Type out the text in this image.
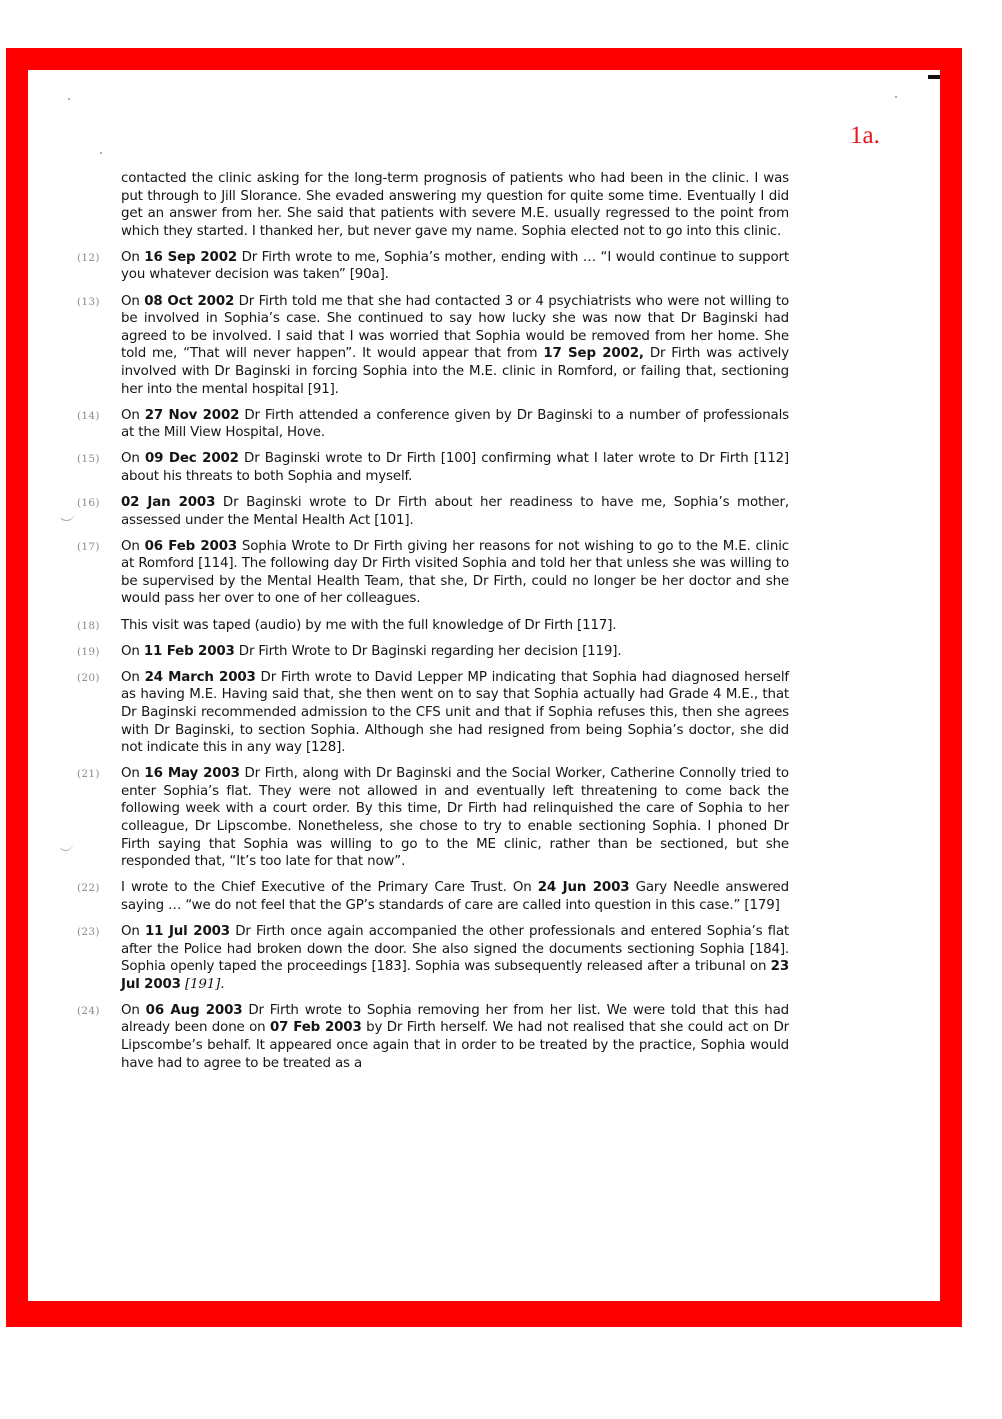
1a.
contacted the clinic asking for the long-term prognosis of patients who had been in the clinic. I was put through to Jill Slorance. She evaded answering my question for quite some time. Eventually I did get an answer from her. She said that patients with severe M.E. usually regressed to the point from which they started. I thanked her, but never gave my name. Sophia elected not to go into this clinic.
(12) On 16 Sep 2002 Dr Firth wrote to me, Sophia’s mother, ending with … “I would continue to support you whatever decision was taken” [90a].
(13) On 08 Oct 2002 Dr Firth told me that she had contacted 3 or 4 psychiatrists who were not willing to be involved in Sophia’s case. She continued to say how lucky she was now that Dr Baginski had agreed to be involved. I said that I was worried that Sophia would be removed from her home. She told me, “That will never happen”. It would appear that from 17 Sep 2002, Dr Firth was actively involved with Dr Baginski in forcing Sophia into the M.E. clinic in Romford, or failing that, sectioning her into the mental hospital [91].
(14) On 27 Nov 2002 Dr Firth attended a conference given by Dr Baginski to a number of professionals at the Mill View Hospital, Hove.
(15) On 09 Dec 2002 Dr Baginski wrote to Dr Firth [100] confirming what I later wrote to Dr Firth [112] about his threats to both Sophia and myself.
(16) 02 Jan 2003 Dr Baginski wrote to Dr Firth about her readiness to have me, Sophia’s mother, assessed under the Mental Health Act [101].
(17) On 06 Feb 2003 Sophia Wrote to Dr Firth giving her reasons for not wishing to go to the M.E. clinic at Romford [114]. The following day Dr Firth visited Sophia and told her that unless she was willing to be supervised by the Mental Health Team, that she, Dr Firth, could no longer be her doctor and she would pass her over to one of her colleagues.
(18) This visit was taped (audio) by me with the full knowledge of Dr Firth [117].
(19) On 11 Feb 2003 Dr Firth Wrote to Dr Baginski regarding her decision [119].
(20) On 24 March 2003 Dr Firth wrote to David Lepper MP indicating that Sophia had diagnosed herself as having M.E. Having said that, she then went on to say that Sophia actually had Grade 4 M.E., that Dr Baginski recommended admission to the CFS unit and that if Sophia refuses this, then she agrees with Dr Baginski, to section Sophia. Although she had resigned from being Sophia’s doctor, she did not indicate this in any way [128].
(21) On 16 May 2003 Dr Firth, along with Dr Baginski and the Social Worker, Catherine Connolly tried to enter Sophia’s flat. They were not allowed in and eventually left threatening to come back the following week with a court order. By this time, Dr Firth had relinquished the care of Sophia to her colleague, Dr Lipscombe. Nonetheless, she chose to try to enable sectioning Sophia. I phoned Dr Firth saying that Sophia was willing to go to the ME clinic, rather than be sectioned, but she responded that, “It’s too late for that now”.
(22) I wrote to the Chief Executive of the Primary Care Trust. On 24 Jun 2003 Gary Needle answered saying … “we do not feel that the GP’s standards of care are called into question in this case.” [179]
(23) On 11 Jul 2003 Dr Firth once again accompanied the other professionals and entered Sophia’s flat after the Police had broken down the door. She also signed the documents sectioning Sophia [184]. Sophia openly taped the proceedings [183]. Sophia was subsequently released after a tribunal on 23 Jul 2003 [191].
(24) On 06 Aug 2003 Dr Firth wrote to Sophia removing her from her list. We were told that this had already been done on 07 Feb 2003 by Dr Firth herself. We had not realised that she could act on Dr Lipscombe’s behalf. It appeared once again that in order to be treated by the practice, Sophia would have had to agree to be treated as a
